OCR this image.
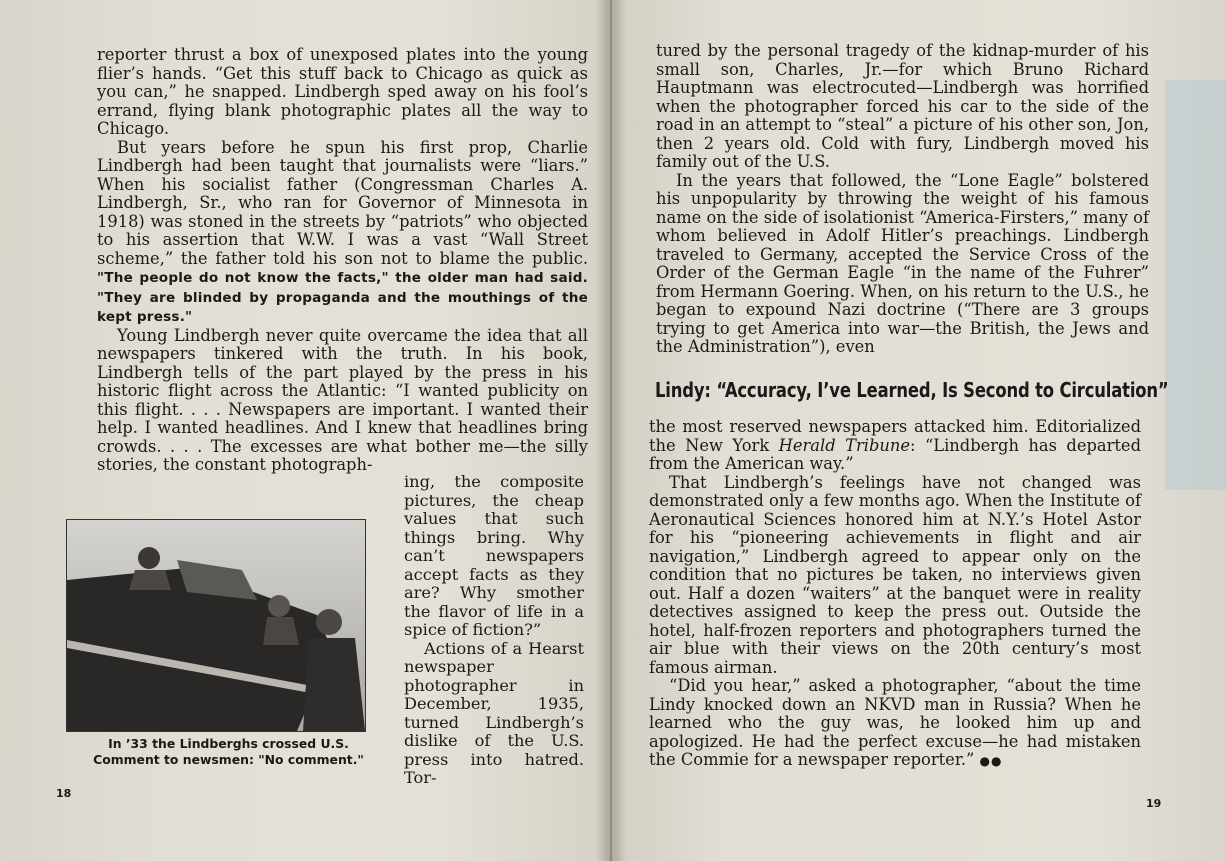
reporter thrust a box of unexposed plates into the young flier’s hands. “Get this stuff back to Chicago as quick as you can,” he snapped. Lindbergh sped away on his fool’s errand, flying blank photographic plates all the way to Chicago.

But years before he spun his first prop, Charlie Lindbergh had been taught that journalists were “liars.” When his socialist father (Congressman Charles A. Lindbergh, Sr., who ran for Governor of Minnesota in 1918) was stoned in the streets by “patriots” who objected to his assertion that W.W. I was a vast “Wall Street scheme,” the father told his son not to blame the public. "The people do not know the facts," the older man had said. "They are blinded by propaganda and the mouthings of the kept press."

Young Lindbergh never quite overcame the idea that all newspapers tinkered with the truth. In his book, Lindbergh tells of the part played by the press in his historic flight across the Atlantic: “I wanted publicity on this flight. . . . Newspapers are important. I wanted their help. I wanted headlines. And I knew that headlines bring crowds. . . . The excesses are what bother me—the silly stories, the constant photograph-

ing, the composite pictures, the cheap values that such things bring. Why can’t newspapers accept facts as they are? Why smother the flavor of life in a spice of fiction?”

Actions of a Hearst newspaper photographer in December, 1935, turned Lindbergh’s dislike of the U.S. press into hatred. Tor-

In ’33 the Lindberghs crossed U.S.
Comment to newsmen: "No comment."
18

tured by the personal tragedy of the kidnap-murder of his small son, Charles, Jr.—for which Bruno Richard Hauptmann was electrocuted—Lindbergh was horrified when the photographer forced his car to the side of the road in an attempt to “steal” a picture of his other son, Jon, then 2 years old. Cold with fury, Lindbergh moved his family out of the U.S.

In the years that followed, the “Lone Eagle” bolstered his unpopularity by throwing the weight of his famous name on the side of isolationist “America-Firsters,” many of whom believed in Adolf Hitler’s preachings. Lindbergh traveled to Germany, accepted the Service Cross of the Order of the German Eagle “in the name of the Fuhrer” from Hermann Goering. When, on his return to the U.S., he began to expound Nazi doctrine (“There are 3 groups trying to get America into war—the British, the Jews and the Administration”), even

Lindy: “Accuracy, I’ve Learned, Is Second to Circulation”

the most reserved newspapers attacked him. Editorialized the New York Herald Tribune: “Lindbergh has departed from the American way.”

That Lindbergh’s feelings have not changed was demonstrated only a few months ago. When the Institute of Aeronautical Sciences honored him at N.Y.’s Hotel Astor for his “pioneering achievements in flight and air navigation,” Lindbergh agreed to appear only on the condition that no pictures be taken, no interviews given out. Half a dozen “waiters” at the banquet were in reality detectives assigned to keep the press out. Outside the hotel, half-frozen reporters and photographers turned the air blue with their views on the 20th century’s most famous airman.

“Did you hear,” asked a photographer, “about the time Lindy knocked down an NKVD man in Russia? When he learned who the guy was, he looked him up and apologized. He had the perfect excuse—he had mistaken the Commie for a newspaper reporter.” ●●

19
